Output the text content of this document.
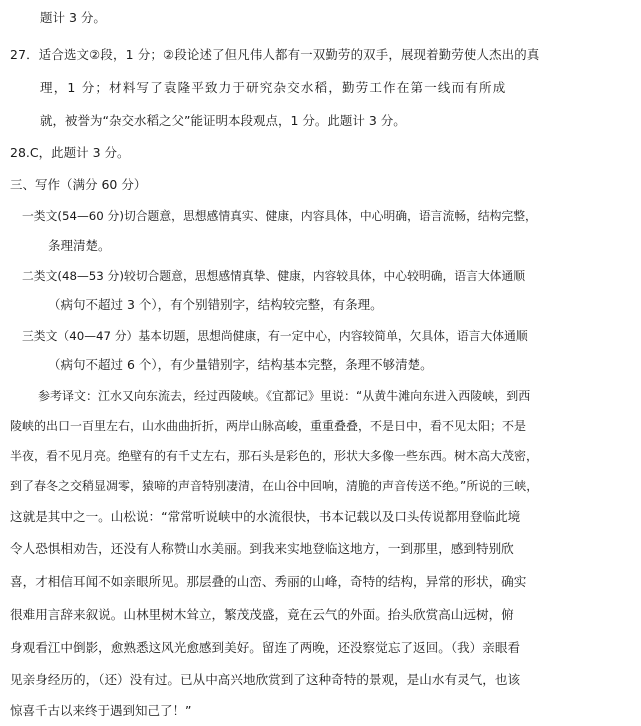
题计 3 分。
27．适合选文②段，1 分；②段论述了但凡伟人都有一双勤劳的双手，展现着勤劳使人杰出的真
理，1 分；材料写了袁隆平致力于研究杂交水稻，勤劳工作在第一线而有所成
就，被誉为“杂交水稻之父”能证明本段观点，1 分。此题计 3 分。
28.C，此题计 3 分。
三、写作（满分 60 分）
一类文(54—60 分)切合题意，思想感情真实、健康，内容具体，中心明确，语言流畅，结构完整，
条理清楚。
二类文(48—53 分)较切合题意，思想感情真挚、健康，内容较具体，中心较明确，语言大体通顺
（病句不超过 3 个），有个别错别字，结构较完整，有条理。
三类文（40—47 分）基本切题，思想尚健康，有一定中心，内容较简单，欠具体，语言大体通顺
（病句不超过 6 个），有少量错别字，结构基本完整，条理不够清楚。
参考译文：江水又向东流去，经过西陵峡。《宜都记》里说：“从黄牛滩向东进入西陵峡，到西
陵峡的出口一百里左右，山水曲曲折折，两岸山脉高峻，重重叠叠，不是日中，看不见太阳；不是
半夜，看不见月亮。绝壁有的有千丈左右，那石头是彩色的，形状大多像一些东西。树木高大茂密，
到了春冬之交稍显凋零，猿啼的声音特别凄清，在山谷中回响，清脆的声音传送不绝。”所说的三峡，
这就是其中之一。山松说：“常常听说峡中的水流很快，书本记载以及口头传说都用登临此境
令人恐惧相劝告，还没有人称赞山水美丽。到我来实地登临这地方，一到那里，感到特别欣
喜，才相信耳闻不如亲眼所见。那层叠的山峦、秀丽的山峰，奇特的结构，异常的形状，确实
很难用言辞来叙说。山林里树木耸立，繁茂茂盛，竟在云气的外面。抬头欣赏高山远树，俯
身观看江中倒影，愈熟悉这风光愈感到美好。留连了两晚，还没察觉忘了返回。（我）亲眼看
见亲身经历的，（还）没有过。已从中高兴地欣赏到了这种奇特的景观，是山水有灵气，也该
惊喜千古以来终于遇到知己了！”
